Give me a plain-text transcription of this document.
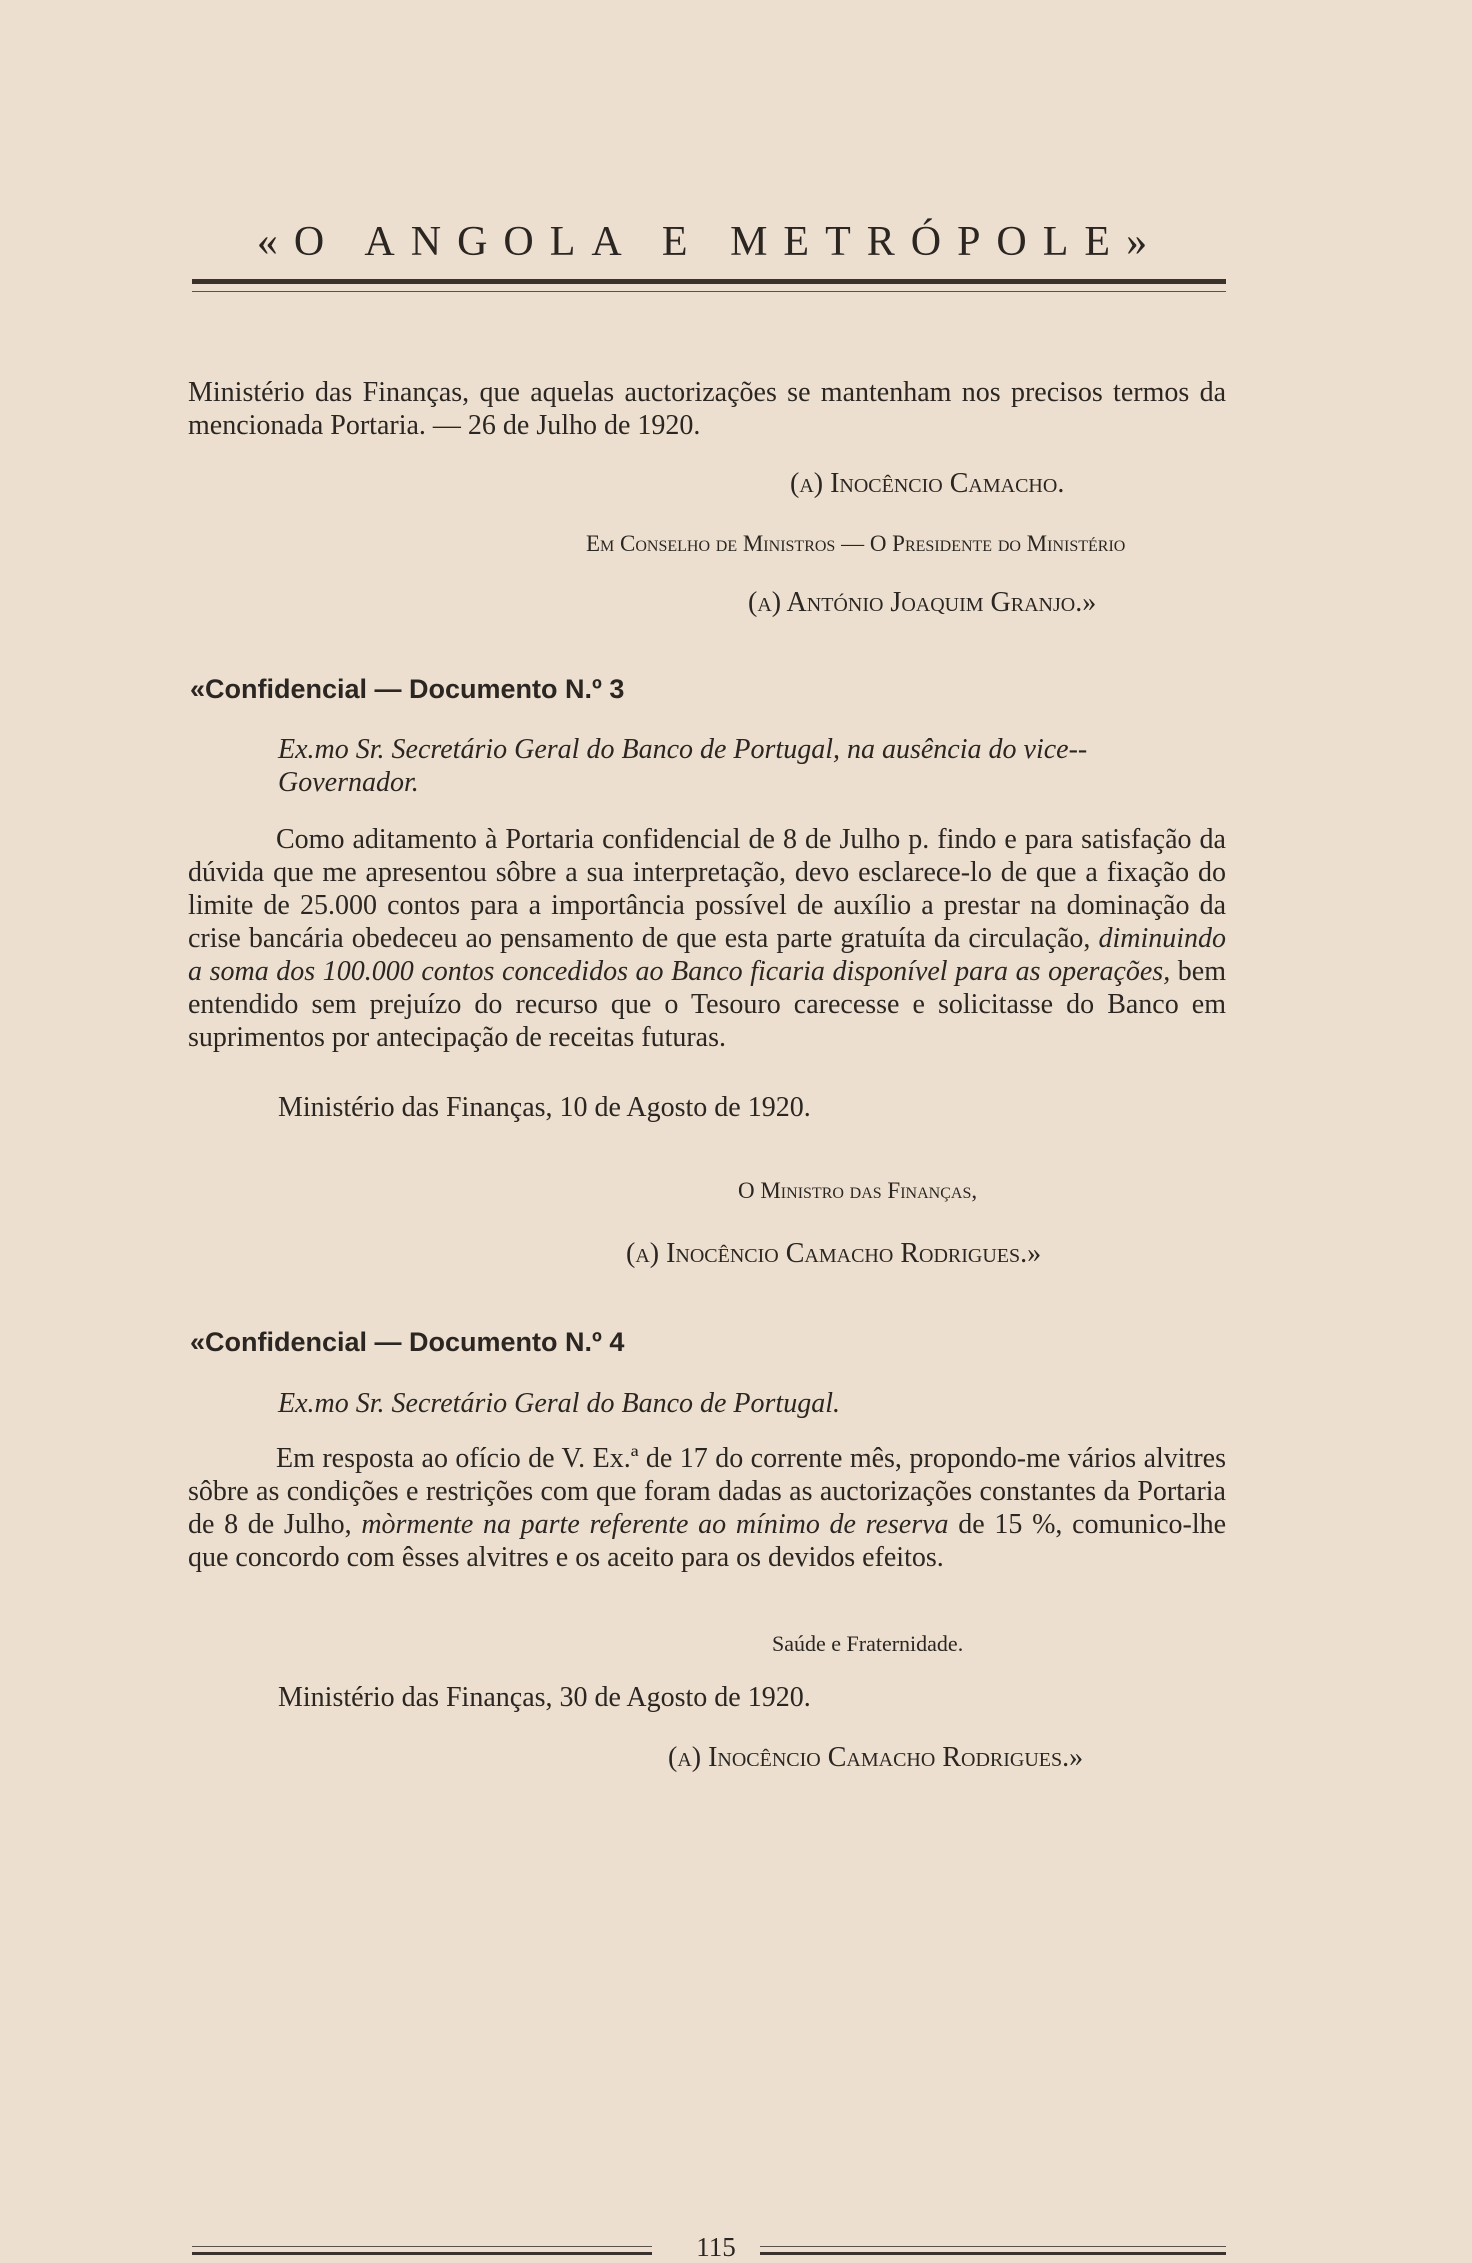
«O ANGOLA E METRÓPOLE»
Ministério das Finanças, que aquelas auctorizações se mantenham nos precisos termos da mencionada Portaria. — 26 de Julho de 1920.
(a) Inocêncio Camacho.
Em Conselho de Ministros — O Presidente do Ministério
(a) António Joaquim Granjo.»
«Confidencial — Documento N.º 3
Ex.mo Sr. Secretário Geral do Banco de Portugal, na ausência do vice--Governador.
Como aditamento à Portaria confidencial de 8 de Julho p. findo e para satisfação da dúvida que me apresentou sôbre a sua interpretação, devo esclarece-lo de que a fixação do limite de 25.000 contos para a importância possível de auxílio a prestar na dominação da crise bancária obedeceu ao pensamento de que esta parte gratuíta da circulação, diminuindo a soma dos 100.000 contos concedidos ao Banco ficaria disponível para as operações, bem entendido sem prejuízo do recurso que o Tesouro carecesse e solicitasse do Banco em suprimentos por antecipação de receitas futuras.
Ministério das Finanças, 10 de Agosto de 1920.
O Ministro das Finanças,
(a) Inocêncio Camacho Rodrigues.»
«Confidencial — Documento N.º 4
Ex.mo Sr. Secretário Geral do Banco de Portugal.
Em resposta ao ofício de V. Ex.ª de 17 do corrente mês, propondo-me vários alvitres sôbre as condições e restrições com que foram dadas as auctorizações constantes da Portaria de 8 de Julho, mòrmente na parte referente ao mínimo de reserva de 15 %, comunico-lhe que concordo com êsses alvitres e os aceito para os devidos efeitos.
Saúde e Fraternidade.
Ministério das Finanças, 30 de Agosto de 1920.
(a) Inocêncio Camacho Rodrigues.»
115
